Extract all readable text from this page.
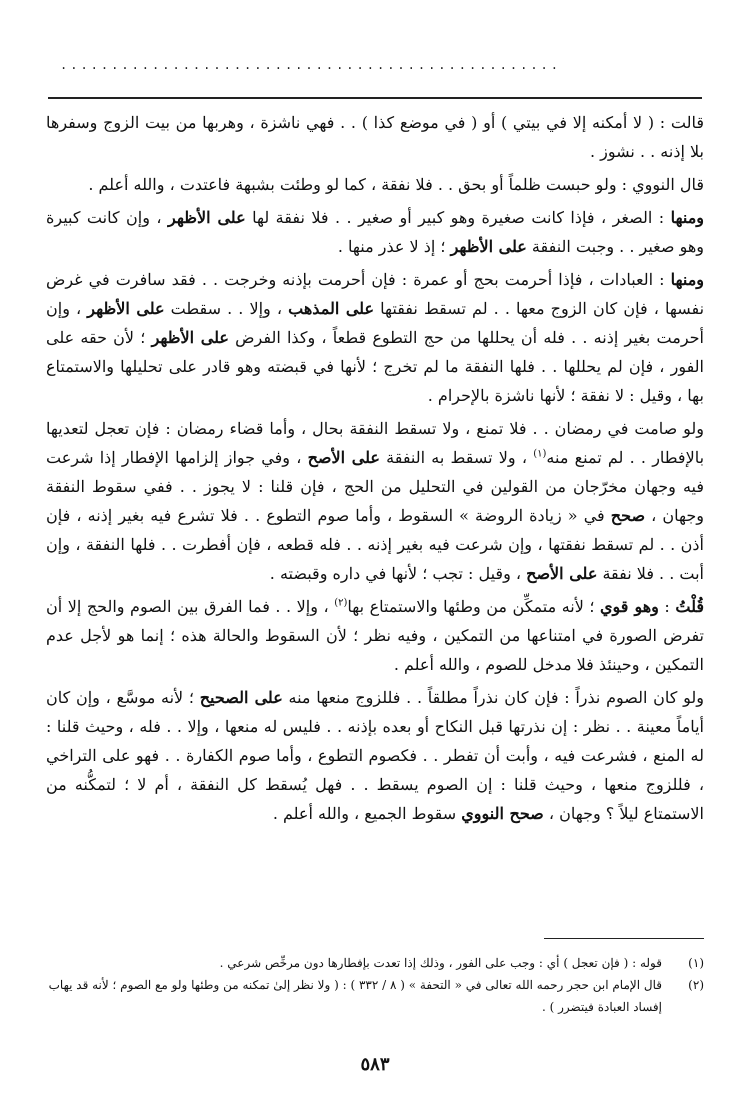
.................................................

قالت : ( لا أمكنه إلا في بيتي ) أو ( في موضع كذا ) . . فهي ناشزة ، وهربها من بيت الزوج وسفرها بلا إذنه . . نشوز .

قال النووي : ولو حبست ظلماً أو بحق . . فلا نفقة ، كما لو وطئت بشبهة فاعتدت ، والله أعلم .

ومنها : الصغر ، فإذا كانت صغيرة وهو كبير أو صغير . . فلا نفقة لها على الأظهر ، وإن كانت كبيرة وهو صغير . . وجبت النفقة على الأظهر ؛ إذ لا عذر منها .

ومنها : العبادات ، فإذا أحرمت بحج أو عمرة : فإن أحرمت بإذنه وخرجت . . فقد سافرت في غرض نفسها ، فإن كان الزوج معها . . لم تسقط نفقتها على المذهب ، وإلا . . سقطت على الأظهر ، وإن أحرمت بغير إذنه . . فله أن يحللها من حج التطوع قطعاً ، وكذا الفرض على الأظهر ؛ لأن حقه على الفور ، فإن لم يحللها . . فلها النفقة ما لم تخرج ؛ لأنها في قبضته وهو قادر على تحليلها والاستمتاع بها ، وقيل : لا نفقة ؛ لأنها ناشزة بالإحرام .

ولو صامت في رمضان . . فلا تمنع ، ولا تسقط النفقة بحال ، وأما قضاء رمضان : فإن تعجل لتعديها بالإفطار . . لم تمنع منه$^{(١)}$ ، ولا تسقط به النفقة على الأصح ، وفي جواز إلزامها الإفطار إذا شرعت فيه وجهان مخرّجان من القولين في التحليل من الحج ، فإن قلنا : لا يجوز . . ففي سقوط النفقة وجهان ، صحح في « زيادة الروضة » السقوط ، وأما صوم التطوع . . فلا تشرع فيه بغير إذنه ، فإن أذن . . لم تسقط نفقتها ، وإن شرعت فيه بغير إذنه . . فله قطعه ، فإن أفطرت . . فلها النفقة ، وإن أبت . . فلا نفقة على الأصح ، وقيل : تجب ؛ لأنها في داره وقبضته .

قُلْتُ : وهو قوي ؛ لأنه متمكِّن من وطئها والاستمتاع بها$^{(٢)}$ ، وإلا . . فما الفرق بين الصوم والحج إلا أن تفرض الصورة في امتناعها من التمكين ، وفيه نظر ؛ لأن السقوط والحالة هذه ؛ إنما هو لأجل عدم التمكين ، وحينئذ فلا مدخل للصوم ، والله أعلم .

ولو كان الصوم نذراً : فإن كان نذراً مطلقاً . . فللزوج منعها منه على الصحيح ؛ لأنه موسَّع ، وإن كان أياماً معينة . . نظر : إن نذرتها قبل النكاح أو بعده بإذنه . . فليس له منعها ، وإلا . . فله ، وحيث قلنا : له المنع ، فشرعت فيه ، وأبت أن تفطر . . فكصوم التطوع ، وأما صوم الكفارة . . فهو على التراخي ، فللزوج منعها ، وحيث قلنا : إن الصوم يسقط . . فهل يُسقط كل النفقة ، أم لا ؛ لتمكُّنه من الاستمتاع ليلاً ؟ وجهان ، صحح النووي سقوط الجميع ، والله أعلم .

(١)
قوله : ( فإن تعجل ) أي : وجب على الفور ، وذلك إذا تعدت بإفطارها دون مرخِّص شرعي .
(٢)
قال الإمام ابن حجر رحمه الله تعالى في « التحفة » ( ٨ / ٣٣٢ ) : ( ولا نظر إلىٰ تمكنه من وطئها ولو مع الصوم ؛ لأنه قد يهاب إفساد العبادة فيتضرر ) .
٥٨٣
